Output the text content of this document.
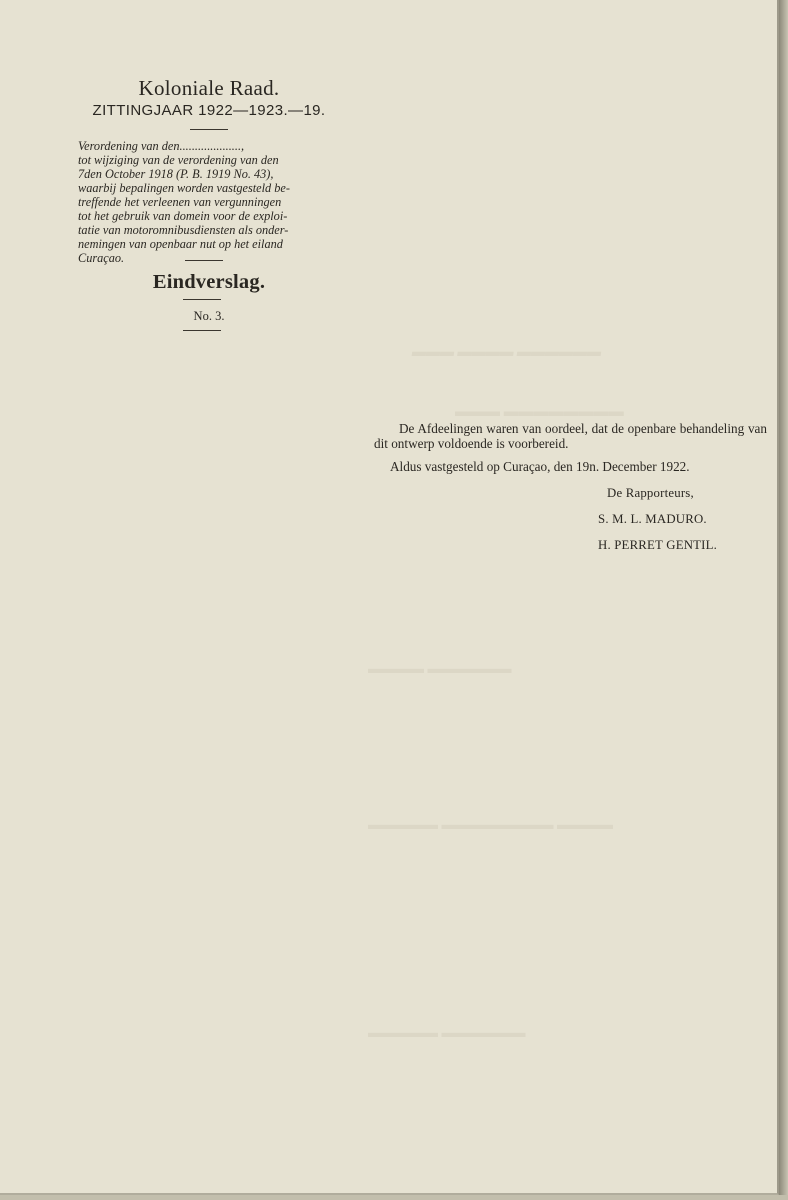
▬▬▬ ▬▬▬▬ ▬▬▬▬▬▬
▬▬▬ ▬▬▬▬▬▬▬▬
▬▬▬▬ ▬▬▬▬▬▬
▬▬▬▬▬ ▬▬▬▬▬▬▬▬ ▬▬▬▬
▬▬▬▬▬ ▬▬▬▬▬▬

Koloniale Raad.

ZITTINGJAAR 1922—1923.—19.

Verordening van den....................,

tot wijziging van de verordening van den

7den October 1918 (P. B. 1919 No. 43),

waarbij bepalingen worden vastgesteld be-

treffende het verleenen van vergunningen

tot het gebruik van domein voor de exploi-

tatie van motoromnibusdiensten als onder-

nemingen van openbaar nut op het eiland

Curaçao.

Eindverslag.
No. 3.

De Afdeelingen waren van oordeel, dat de openbare behandeling van dit ontwerp voldoende is voorbereid.

Aldus vastgesteld op Curaçao, den 19n. December 1922.
De Rapporteurs,
S. M. L. MADURO.
H. PERRET GENTIL.
